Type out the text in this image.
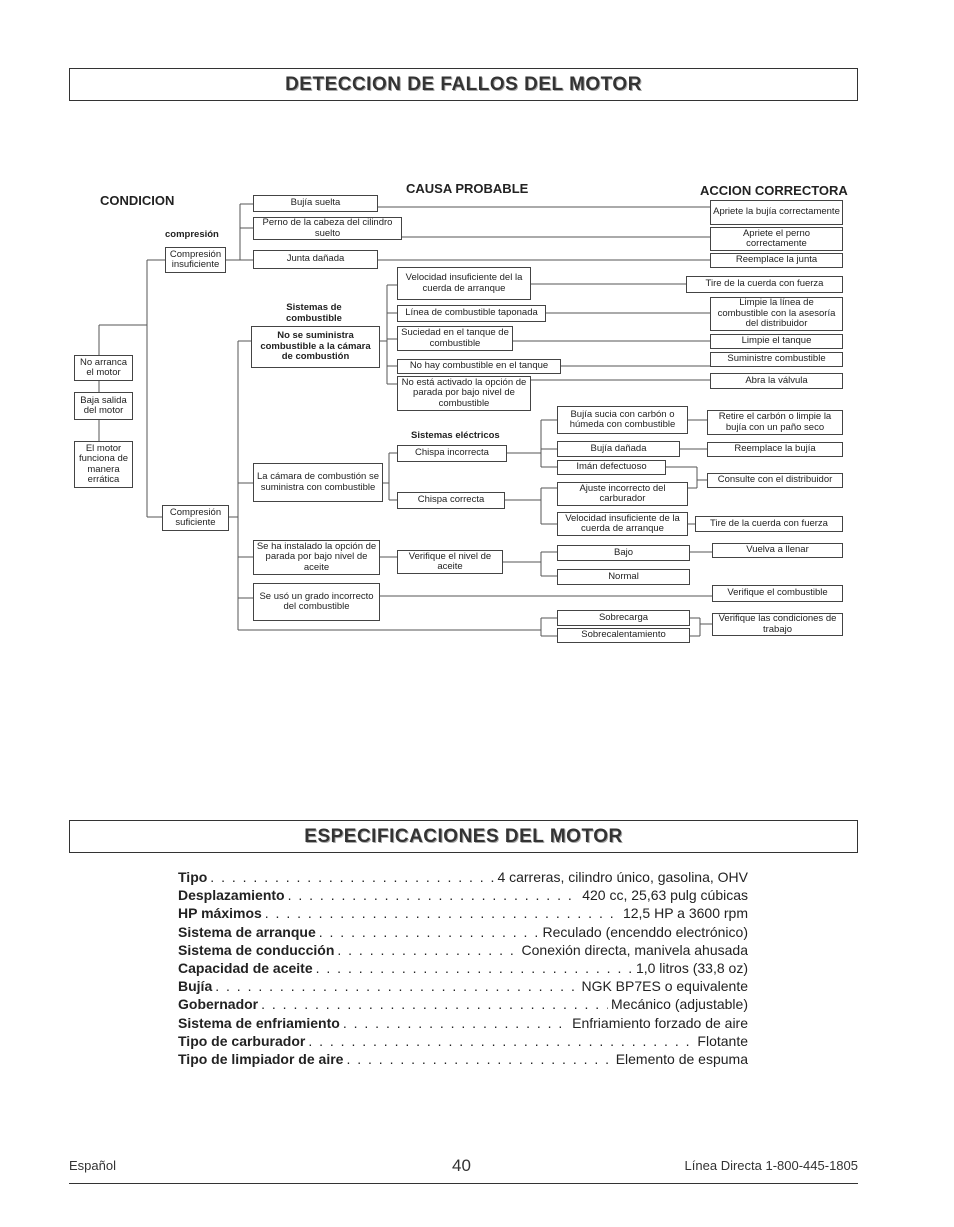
DETECCION DE FALLOS DEL MOTOR
CONDICION
CAUSA PROBABLE	ACCION CORRECTORA
compresión
Sistemas de combustible
Sistemas eléctricos
No arranca el motor
Baja salida del motor
El motor funciona de manera errática
Compresión insuficiente
Compresión suficiente
Bujía suelta
Perno de la cabeza del cilindro suelto
Junta dañada
Apriete la bujía correctamente
Apriete el perno correctamente
Reemplace la junta
No se suministra combustible a la cámara de combustión
Velocidad insuficiente del la cuerda de arranque
Línea de combustible taponada
Suciedad en el tanque de combustible
No hay combustible en el tanque
No está activado la opción de parada por bajo nivel de combustible
Tire de la cuerda con fuerza
Limpie la línea de combustible con la asesoría del distribuidor
Limpie el tanque
Suministre combustible
Abra la válvula
La cámara de combustión se suministra con combustible
Chispa incorrecta
Chispa correcta
Bujía sucia con carbón o húmeda con combustible
Bujía dañada
Imán defectuoso
Ajuste incorrecto del carburador
Velocidad insuficiente de la cuerda de arranque
Retire el carbón o limpie la bujía con un paño seco
Reemplace la bujía
Consulte con el distribuidor
Tire de la cuerda con fuerza
Se ha instalado la opción de parada por bajo nivel de aceite
Verifique el nivel de aceite
Bajo
Normal
Vuelva a llenar
Se usó un grado incorrecto del combustible
Verifique el combustible
Sobrecarga
Sobrecalentamiento
Verifique las condiciones de trabajo
ESPECIFICACIONES DEL MOTOR
Tipo . . .	4 carreras, cilindro único, gasolina, OHV
Desplazamiento . . .	420 cc, 25,63 pulg cúbicas
HP máximos . . .	12,5 HP a 3600 rpm
Sistema de arranque . . .	Reculado (encenddo electrónico)
Sistema de conducción . . .	Conexión directa, manivela ahusada
Capacidad de aceite . . .	1,0 litros (33,8 oz)
Bujía . . .	NGK BP7ES o equivalente
Gobernador . . .	Mecánico (adjustable)
Sistema de enfriamiento . . .	Enfriamiento forzado de aire
Tipo de carburador . . .	Flotante
Tipo de limpiador de aire . . .	Elemento de espuma
Español	40	Línea Directa 1-800-445-1805
